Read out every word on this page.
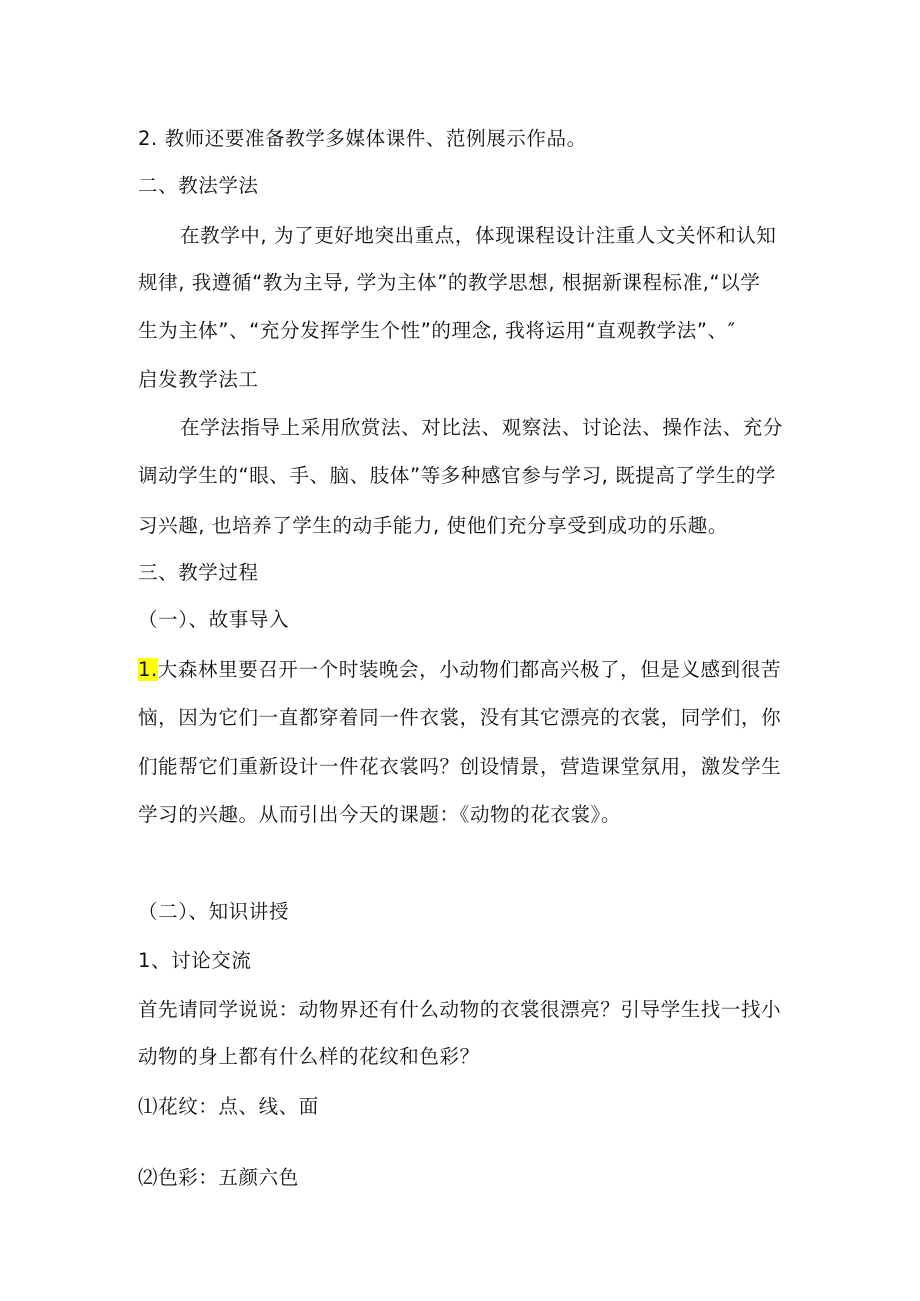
2. 教师还要准备教学多媒体课件、范例展示作品。
二、教法学法
在教学中, 为了更好地突出重点，体现课程设计注重人文关怀和认知
规律, 我遵循“教为主导, 学为主体”的教学思想, 根据新课程标准,“以学
生为主体”、“充分发挥学生个性”的理念, 我将运用“直观教学法”、″
启发教学法工
在学法指导上采用欣赏法、对比法、观察法、讨论法、操作法、充分
调动学生的“眼、手、脑、肢体”等多种感官参与学习, 既提高了学生的学
习兴趣, 也培养了学生的动手能力, 使他们充分享受到成功的乐趣。
三、教学过程
（一）、故事导入
1.大森林里要召开一个时装晚会，小动物们都高兴极了，但是义感到很苦
恼，因为它们一直都穿着同一件衣裳，没有其它漂亮的衣裳，同学们，你
们能帮它们重新设计一件花衣裳吗？创设情景，营造课堂氛用，激发学生
学习的兴趣。从而引出今天的课题：《动物的花衣裳》。
（二）、知识讲授
1、讨论交流
首先请同学说说：动物界还有什么动物的衣裳很漂亮？引导学生找一找小
动物的身上都有什么样的花纹和色彩？
⑴花纹：点、线、面
⑵色彩：五颜六色
